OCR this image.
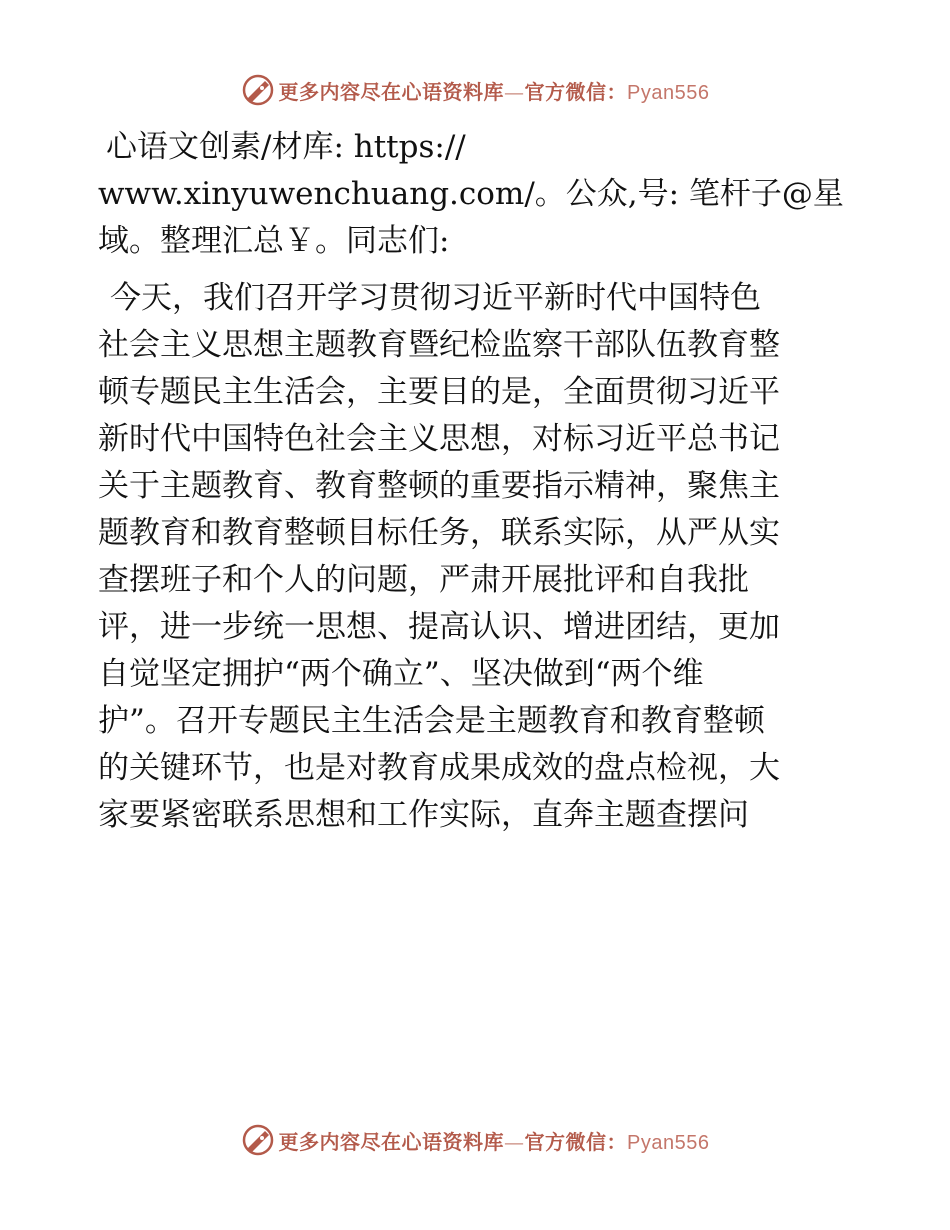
更多内容尽在心语资料库—官方微信：Pyan556

心语文创素/材库: https://
www.xinyuwenchuang.com/。公众,号: 笔杆子@星
域。整理汇总￥。同志们:

今天，我们召开学习贯彻习近平新时代中国特色
社会主义思想主题教育暨纪检监察干部队伍教育整
顿专题民主生活会，主要目的是，全面贯彻习近平
新时代中国特色社会主义思想，对标习近平总书记
关于主题教育、教育整顿的重要指示精神，聚焦主
题教育和教育整顿目标任务，联系实际，从严从实
查摆班子和个人的问题，严肃开展批评和自我批
评，进一步统一思想、提高认识、增进团结，更加
自觉坚定拥护“两个确立”、坚决做到“两个维
护”。召开专题民主生活会是主题教育和教育整顿
的关键环节，也是对教育成果成效的盘点检视，大
家要紧密联系思想和工作实际，直奔主题查摆问

更多内容尽在心语资料库—官方微信：Pyan556
